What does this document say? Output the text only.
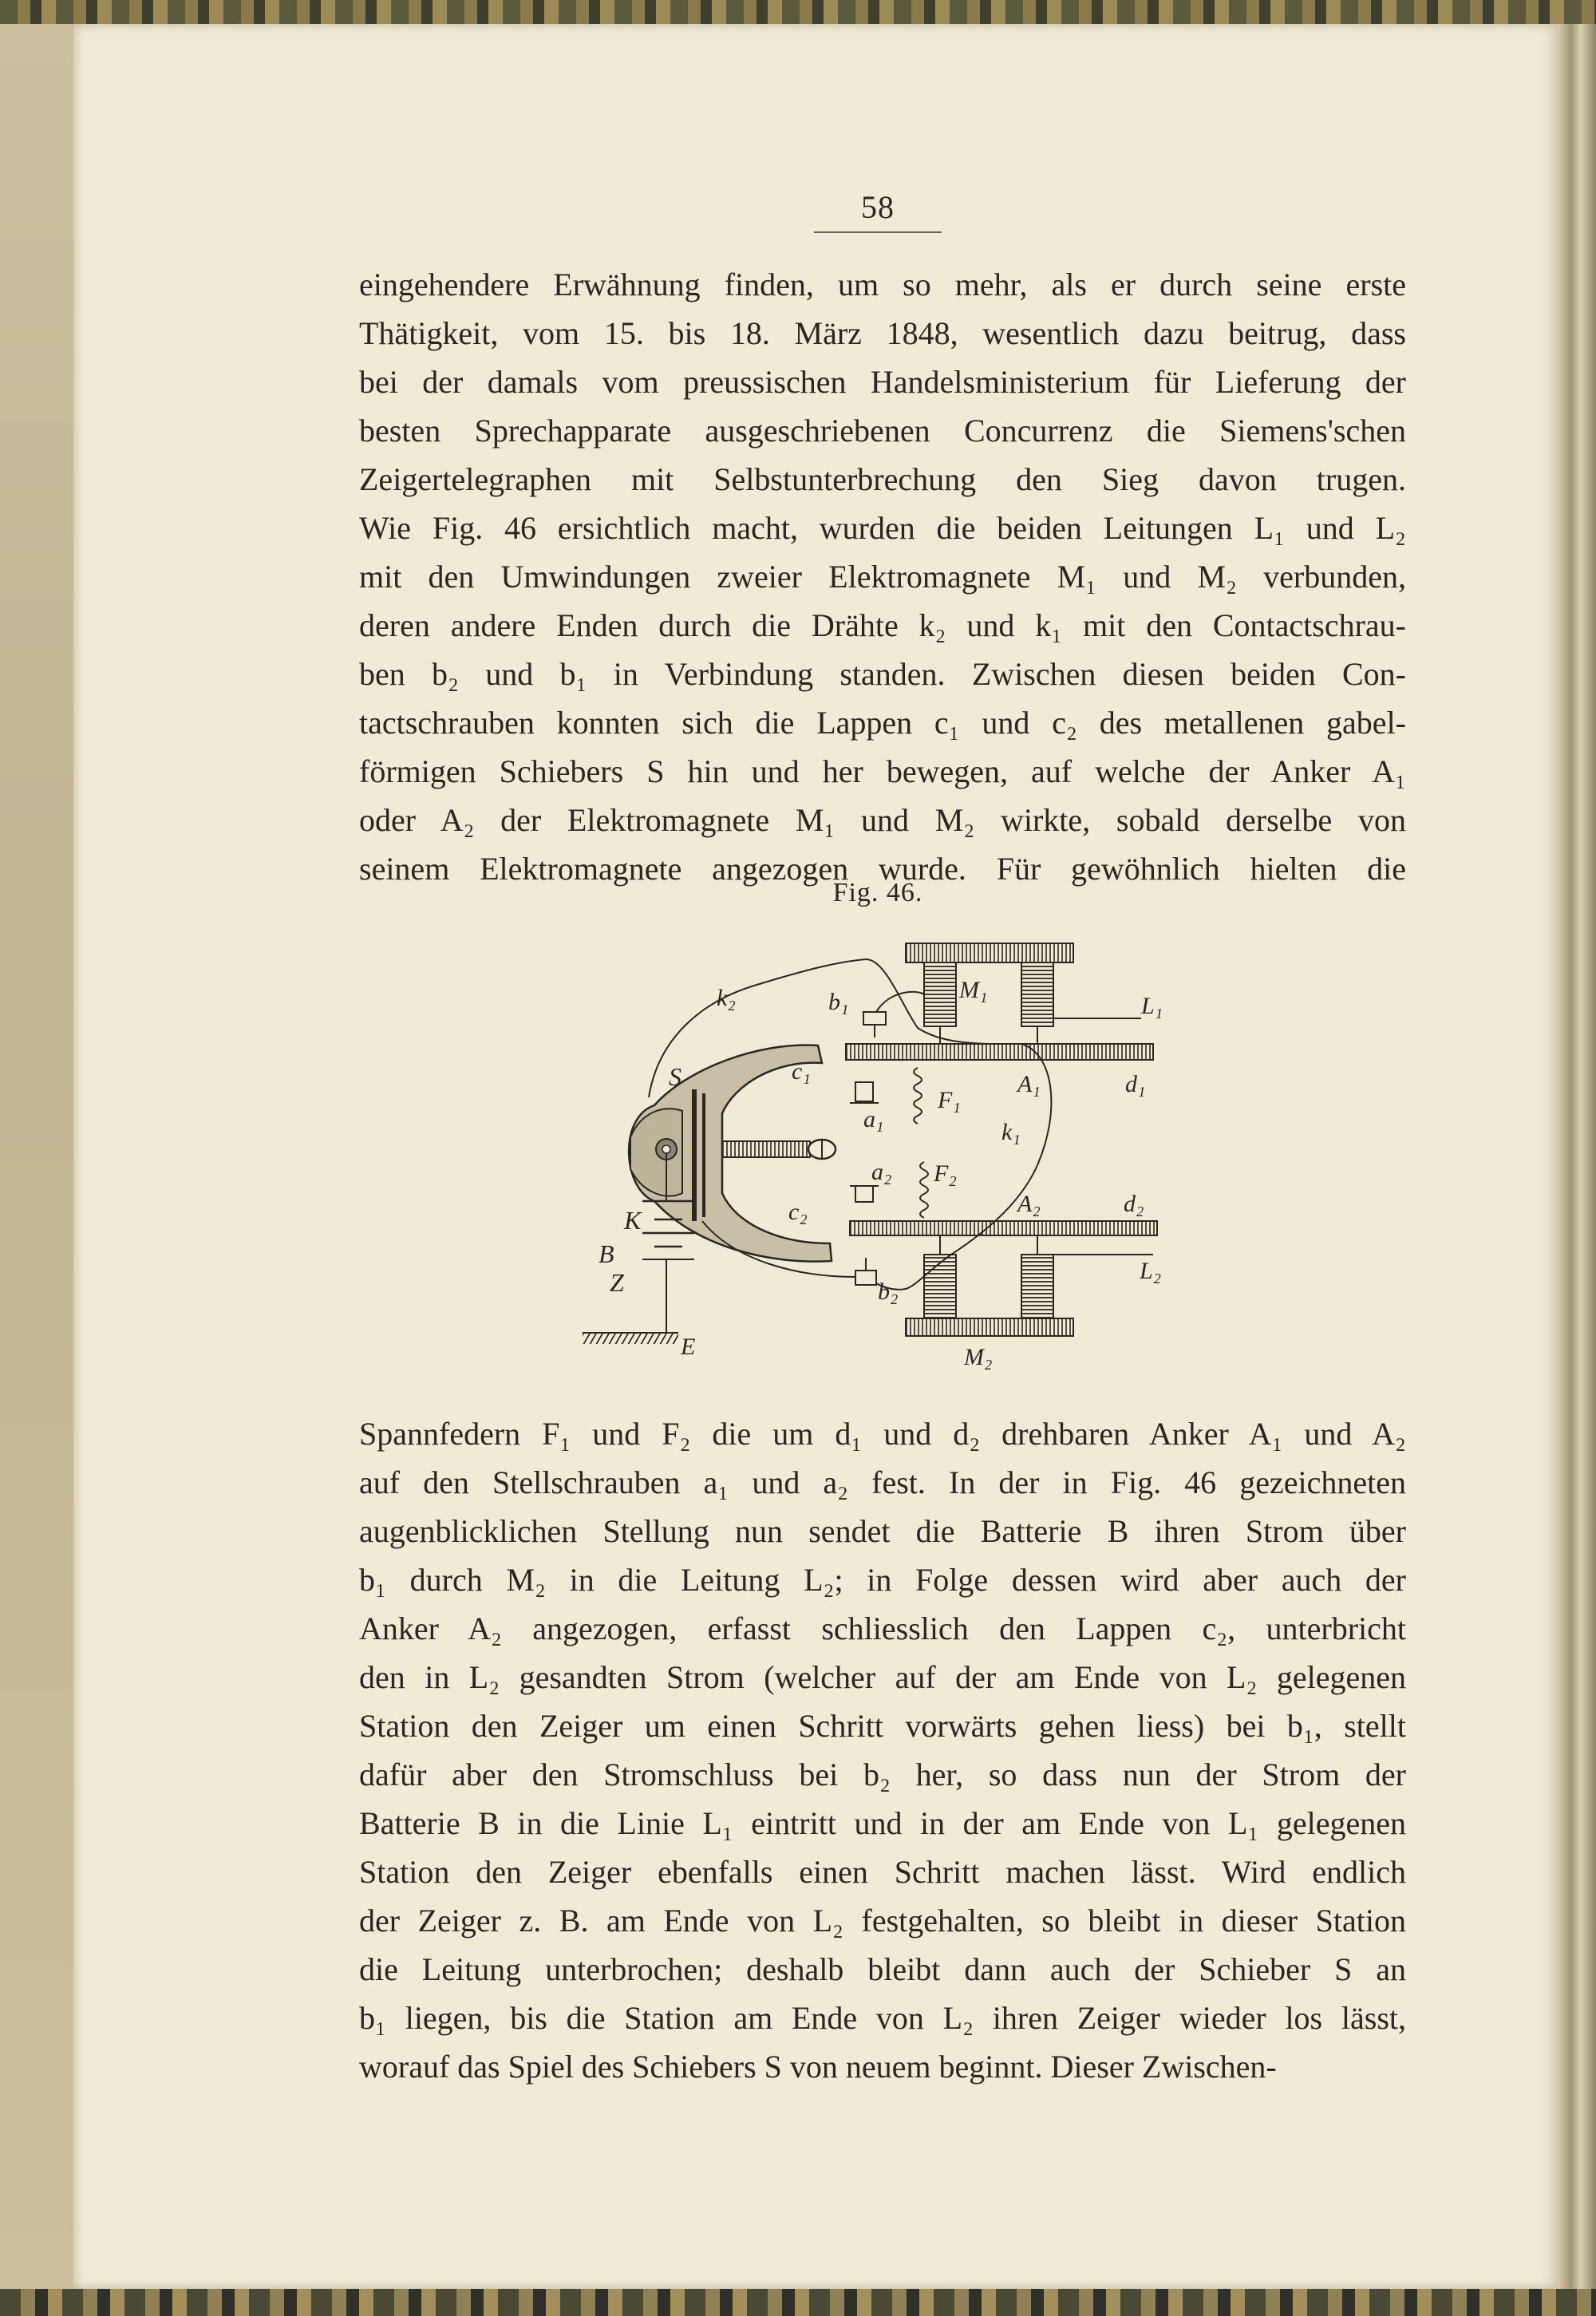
58
eingehendere Erwähnung finden, um so mehr, als er durch seine erste
Thätigkeit, vom 15. bis 18. März 1848, wesentlich dazu beitrug, dass
bei der damals vom preussischen Handelsministerium für Lieferung der
besten Sprechapparate ausgeschriebenen Concurrenz die Siemens'schen
Zeigertelegraphen mit Selbstunterbrechung den Sieg davon trugen.
Wie Fig. 46 ersichtlich macht, wurden die beiden Leitungen L₁ und L₂
mit den Umwindungen zweier Elektromagnete M₁ und M₂ verbunden,
deren andere Enden durch die Drähte k₂ und k₁ mit den Contactschrau-
ben b₂ und b₁ in Verbindung standen. Zwischen diesen beiden Con-
tactschrauben konnten sich die Lappen c₁ und c₂ des metallenen gabel-
förmigen Schiebers S hin und her bewegen, auf welche der Anker A₁
oder A₂ der Elektromagnete M₁ und M₂ wirkte, sobald derselbe von
seinem Elektromagnete angezogen wurde. Für gewöhnlich hielten die
Fig. 46.
k₂	b₁	M₁
L₁
S	c₁
a₁
F₁
A₁	d₁
k₁
a₂ F₂
K	c₂	A₂	d₂
B
Z	b₂
L₂
E	M₂
Spannfedern F₁ und F₂ die um d₁ und d₂ drehbaren Anker A₁ und A₂
auf den Stellschrauben a₁ und a₂ fest. In der in Fig. 46 gezeichneten
augenblicklichen Stellung nun sendet die Batterie B ihren Strom über
b₁ durch M₂ in die Leitung L₂; in Folge dessen wird aber auch der
Anker A₂ angezogen, erfasst schliesslich den Lappen c₂, unterbricht
den in L₂ gesandten Strom (welcher auf der am Ende von L₂ gelegenen
Station den Zeiger um einen Schritt vorwärts gehen liess) bei b₁, stellt
dafür aber den Stromschluss bei b₂ her, so dass nun der Strom der
Batterie B in die Linie L₁ eintritt und in der am Ende von L₁ gelegenen
Station den Zeiger ebenfalls einen Schritt machen lässt. Wird endlich
der Zeiger z. B. am Ende von L₂ festgehalten, so bleibt in dieser Station
die Leitung unterbrochen; deshalb bleibt dann auch der Schieber S an
b₁ liegen, bis die Station am Ende von L₂ ihren Zeiger wieder los lässt,
worauf das Spiel des Schiebers S von neuem beginnt. Dieser Zwischen-
